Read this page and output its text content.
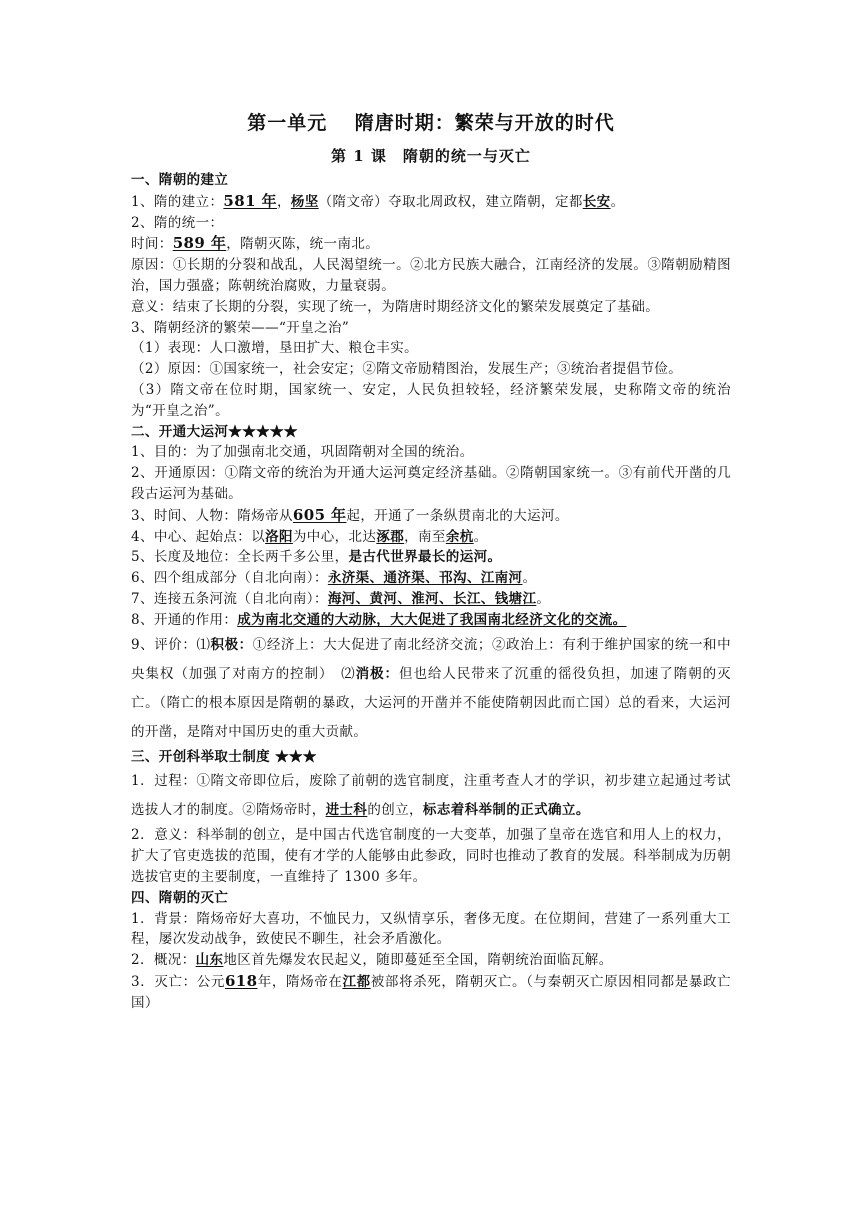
第一单元　 隋唐时期：繁荣与开放的时代
第 1 课　隋朝的统一与灭亡

一、隋朝的建立

1、隋的建立：581 年，杨坚（隋文帝）夺取北周政权，建立隋朝，定都长安。

2、隋的统一：

时间：589 年，隋朝灭陈，统一南北。

原因：①长期的分裂和战乱，人民渴望统一。②北方民族大融合，江南经济的发展。③隋朝励精图治，国力强盛；陈朝统治腐败，力量衰弱。

意义：结束了长期的分裂，实现了统一，为隋唐时期经济文化的繁荣发展奠定了基础。

3、隋朝经济的繁荣——“开皇之治”

（1）表现：人口激增，垦田扩大、粮仓丰实。

（2）原因：①国家统一，社会安定；②隋文帝励精图治，发展生产；③统治者提倡节俭。

（3）隋文帝在位时期，国家统一、安定，人民负担较轻，经济繁荣发展，史称隋文帝的统治为“开皇之治”。

二、开通大运河★★★★★

1、目的：为了加强南北交通，巩固隋朝对全国的统治。

2、开通原因：①隋文帝的统治为开通大运河奠定经济基础。②隋朝国家统一。③有前代开凿的几段古运河为基础。

3、时间、人物：隋炀帝从605 年起，开通了一条纵贯南北的大运河。

4、中心、起始点：以洛阳为中心，北达涿郡，南至余杭。

5、长度及地位：全长两千多公里，是古代世界最长的运河。

6、四个组成部分（自北向南）：永济渠、通济渠、邗沟、江南河。

7、连接五条河流（自北向南）：海河、黄河、淮河、长江、钱塘江。

8、开通的作用：成为南北交通的大动脉，大大促进了我国南北经济文化的交流。

9、评价：⑴积极：①经济上：大大促进了南北经济交流；②政治上：有利于维护国家的统一和中央集权（加强了对南方的控制）　⑵消极：但也给人民带来了沉重的徭役负担，加速了隋朝的灭亡。（隋亡的根本原因是隋朝的暴政，大运河的开凿并不能使隋朝因此而亡国）总的看来，大运河的开凿，是隋对中国历史的重大贡献。

三、开创科举取士制度 ★★★

1．过程：①隋文帝即位后，废除了前朝的选官制度，注重考查人才的学识，初步建立起通过考试选拔人才的制度。②隋炀帝时，进士科的创立，标志着科举制的正式确立。

2．意义：科举制的创立，是中国古代选官制度的一大变革，加强了皇帝在选官和用人上的权力，扩大了官吏选拔的范围，使有才学的人能够由此参政，同时也推动了教育的发展。科举制成为历朝选拔官吏的主要制度，一直维持了 1300 多年。

四、隋朝的灭亡

1．背景：隋炀帝好大喜功，不恤民力，又纵情享乐，奢侈无度。在位期间，营建了一系列重大工程，屡次发动战争，致使民不聊生，社会矛盾激化。

2．概况：山东地区首先爆发农民起义，随即蔓延至全国，隋朝统治面临瓦解。

3．灭亡：公元618年，隋炀帝在江都被部将杀死，隋朝灭亡。（与秦朝灭亡原因相同都是暴政亡国）
